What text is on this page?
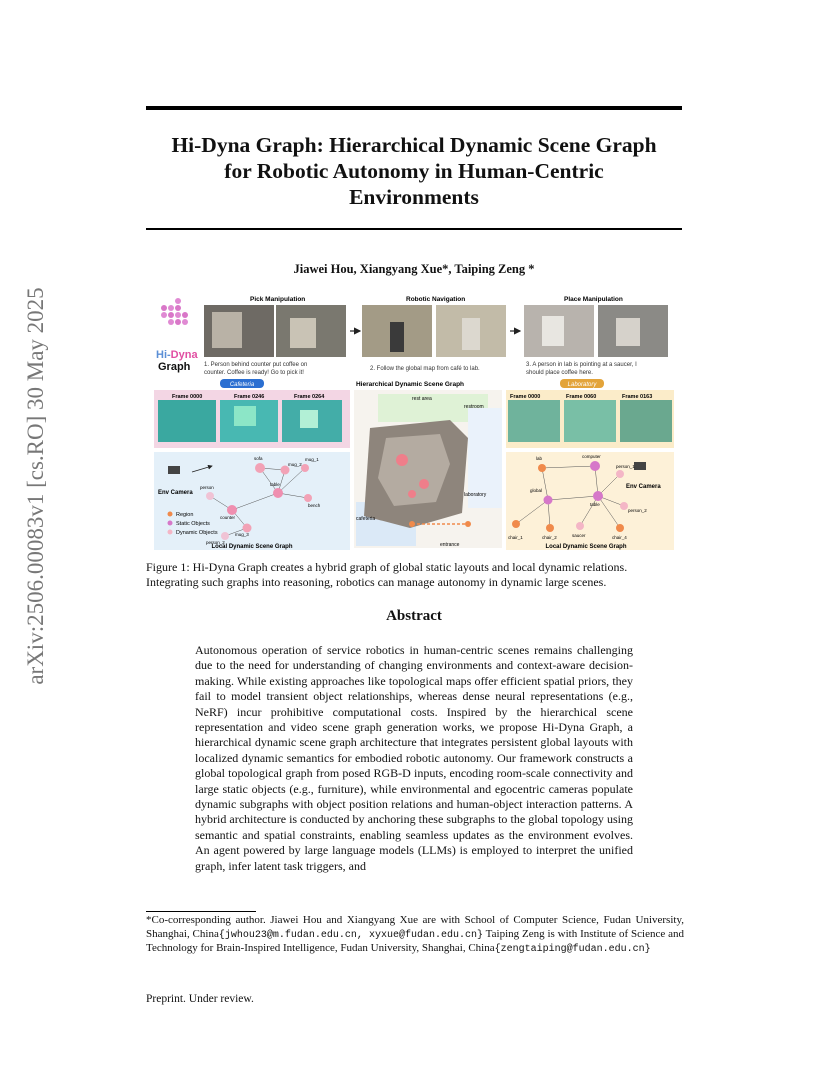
arXiv:2506.00083v1 [cs.RO] 30 May 2025
Hi-Dyna Graph: Hierarchical Dynamic Scene Graph
for Robotic Autonomy in Human-Centric
Environments
Jiawei Hou, Xiangyang Xue*, Taiping Zeng *
Hi-Dyna
Graph
Pick Manipulation	Robotic Navigation	Place Manipulation
1. Person behind counter put coffee on
counter. Coffee is ready! Go to pick it!
2. Follow the global map from café to lab.
3. A person in lab is pointing at a saucer, I
should place coffee here.
Cafeteria	Laboratory
Hierarchical Dynamic Scene Graph
Frame 0000	Frame 0246	Frame 0264	Frame 0000	Frame 0060	Frame 0163
Env Camera
sofa
person
mug_2
mug_1
table
counter
bench
mug_3
person_2
Region
Static Objects
Dynamic Objects
Local Dynamic Scene Graph
Env Camera
lab	computer
table
person_1
person_2
global
chair_1	chair_2	saucer	chair_4
Local Dynamic Scene Graph
rest area
restroom
laboratory
cafeteria
entrance
Figure 1: Hi-Dyna Graph creates a hybrid graph of global static layouts and local dynamic relations.
Integrating such graphs into reasoning, robotics can manage autonomy in dynamic large scenes.
Abstract

Autonomous operation of service robotics in human-centric scenes remains challenging due to the need for understanding of changing environments and context-aware decision-making. While existing approaches like topological maps offer efficient spatial priors, they fail to model transient object relationships, whereas dense neural representations (e.g., NeRF) incur prohibitive computational costs. Inspired by the hierarchical scene representation and video scene graph generation works, we propose Hi-Dyna Graph, a hierarchical dynamic scene graph architecture that integrates persistent global layouts with localized dynamic semantics for embodied robotic autonomy. Our framework constructs a global topological graph from posed RGB-D inputs, encoding room-scale connectivity and large static objects (e.g., furniture), while environmental and egocentric cameras populate dynamic subgraphs with object position relations and human-object interaction patterns. A hybrid architecture is conducted by anchoring these subgraphs to the global topology using semantic and spatial constraints, enabling seamless updates as the environment evolves. An agent powered by large language models (LLMs) is employed to interpret the unified graph, infer latent task triggers, and

*Co-corresponding author. Jiawei Hou and Xiangyang Xue are with School of Computer Science, Fudan University, Shanghai, China{jwhou23@m.fudan.edu.cn, xyxue@fudan.edu.cn} Taiping Zeng is with Institute of Science and Technology for Brain-Inspired Intelligence, Fudan University, Shanghai, China{zengtaiping@fudan.edu.cn}
Preprint. Under review.
